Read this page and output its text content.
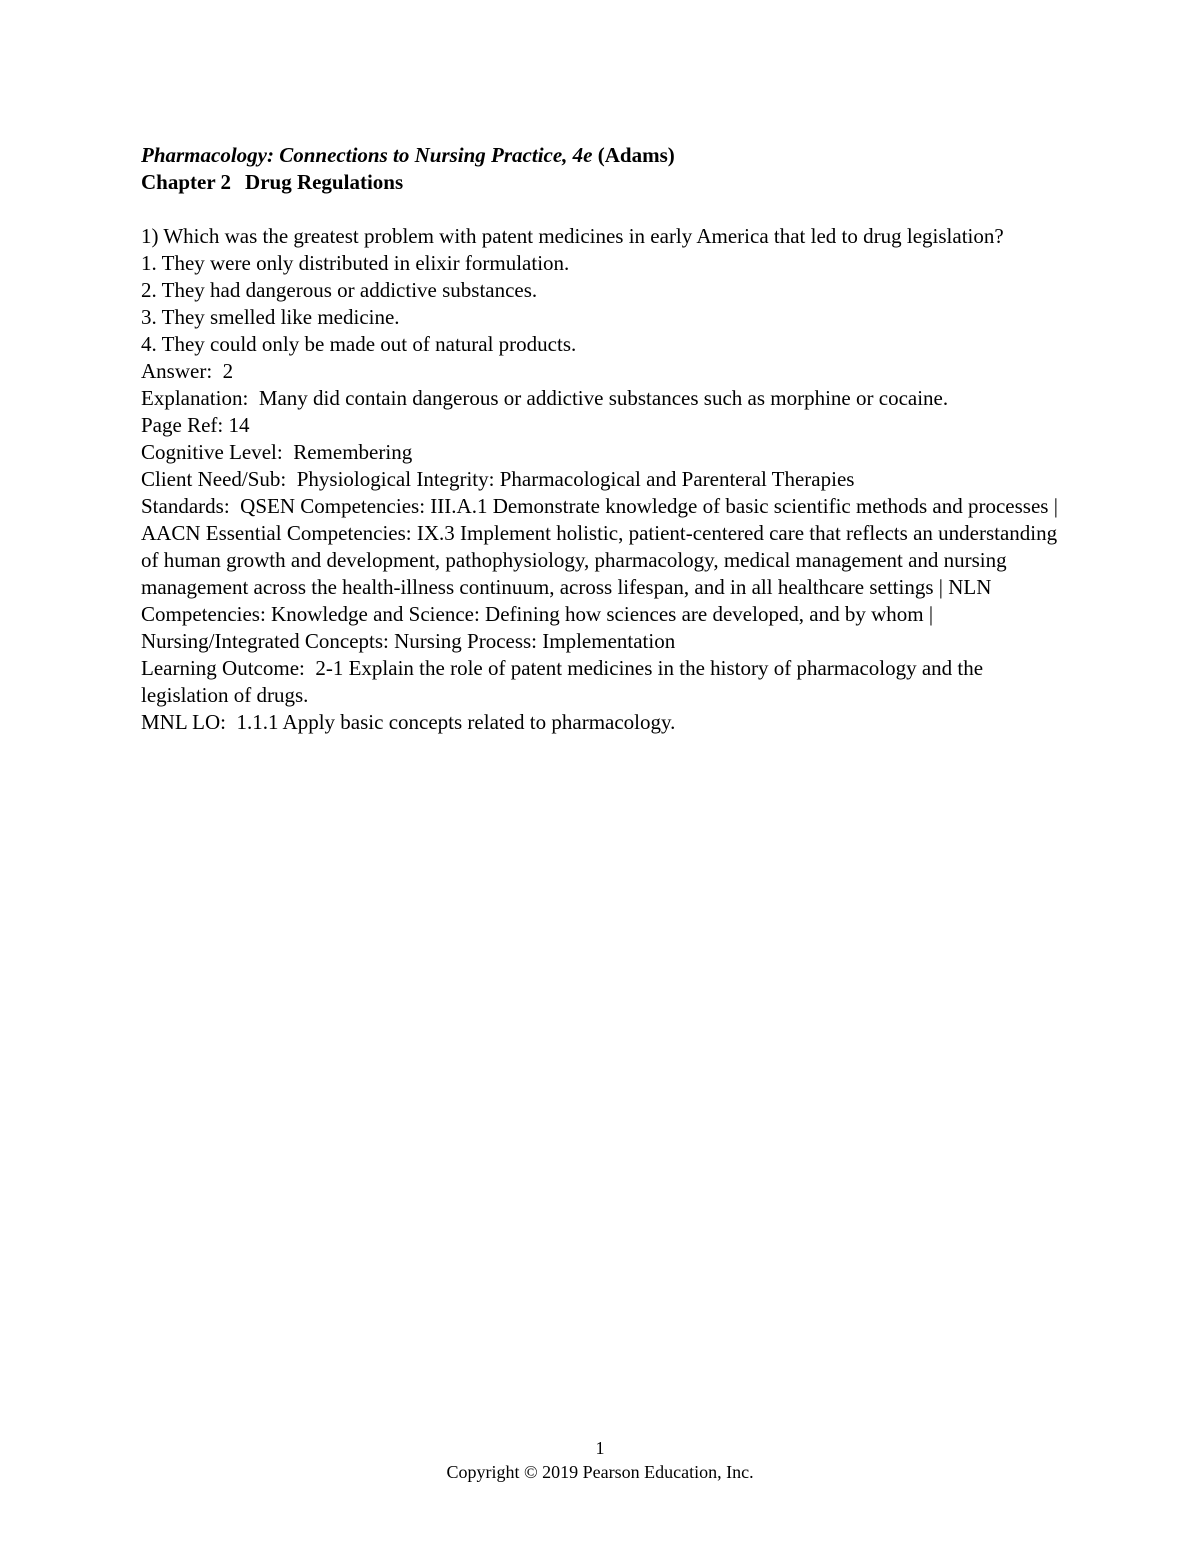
Pharmacology: Connections to Nursing Practice, 4e (Adams)

Chapter 2 Drug Regulations

1) Which was the greatest problem with patent medicines in early America that led to drug legislation?

1. They were only distributed in elixir formulation.

2. They had dangerous or addictive substances.

3. They smelled like medicine.

4. They could only be made out of natural products.

Answer: 2

Explanation: Many did contain dangerous or addictive substances such as morphine or cocaine.

Page Ref: 14

Cognitive Level: Remembering

Client Need/Sub: Physiological Integrity: Pharmacological and Parenteral Therapies

Standards: QSEN Competencies: III.A.1 Demonstrate knowledge of basic scientific methods and processes | AACN Essential Competencies: IX.3 Implement holistic, patient-centered care that reflects an understanding of human growth and development, pathophysiology, pharmacology, medical management and nursing management across the health-illness continuum, across lifespan, and in all healthcare settings | NLN Competencies: Knowledge and Science: Defining how sciences are developed, and by whom | Nursing/Integrated Concepts: Nursing Process: Implementation

Learning Outcome: 2-1 Explain the role of patent medicines in the history of pharmacology and the legislation of drugs.

MNL LO: 1.1.1 Apply basic concepts related to pharmacology.

1
Copyright © 2019 Pearson Education, Inc.
